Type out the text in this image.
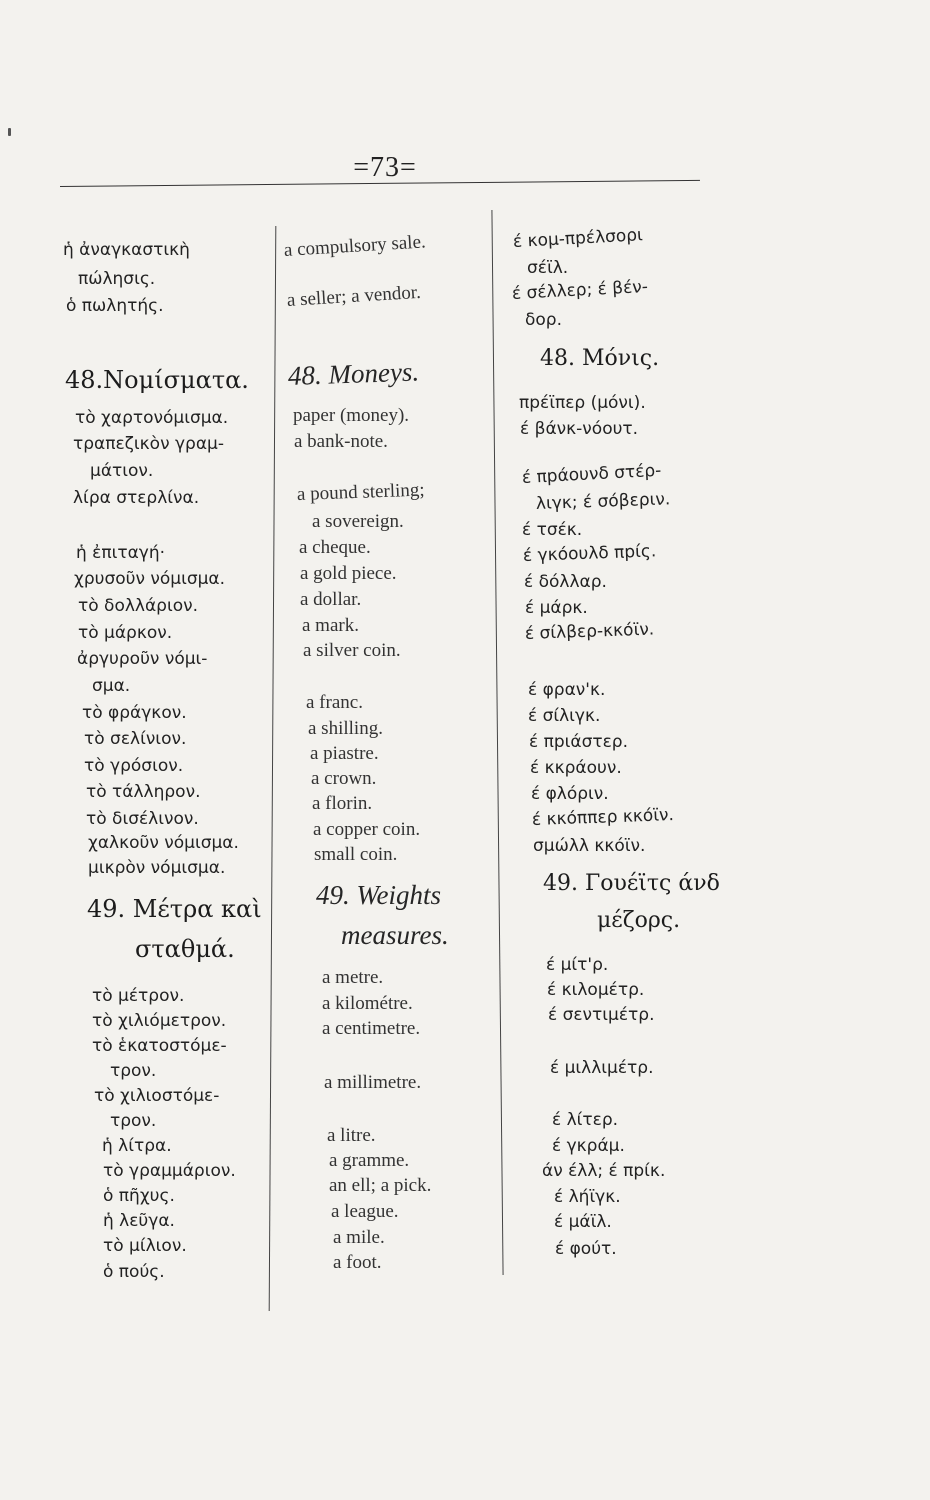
=73=
ἡ ἀναγκαστικὴ
πώλησις.
ὁ πωλητής.
48.Νομίσματα.
τὸ χαρτονόμισμα.
τραπεζικὸν γραμ-
μάτιον.
λίρα στερλίνα.
ἡ ἐπιταγή·
χρυσοῦν νόμισμα.
τὸ δολλάριον.
τὸ μάρκον.
ἀργυροῦν νόμι-
σμα.
τὸ φράγκον.
τὸ σελίνιον.
τὸ γρόσιον.
τὸ τάλληρον.
τὸ δισέλινον.
χαλκοῦν νόμισμα.
μικρὸν νόμισμα.
49. Μέτρα καὶ
σταθμά.
τὸ μέτρον.
τὸ χιλιόμετρον.
τὸ ἑκατοστόμε-
τρον.
τὸ χιλιοστόμε-
τρον.
ἡ λίτρα.
τὸ γραμμάριον.
ὁ πῆχυς.
ἡ λεῦγα.
τὸ μίλιον.
ὁ πούς.
a compulsory sale.
a seller; a vendor.
48. Moneys.
paper (money).
a bank-note.
a pound sterling;
a sovereign.
a cheque.
a gold piece.
a dollar.
a mark.
a silver coin.
a franc.
a shilling.
a piastre.
a crown.
a florin.
a copper coin.
small coin.
49. Weights
measures.
a metre.
a kilométre.
a centimetre.
a millimetre.
a litre.
a gramme.
an ell; a pick.
a league.
a mile.
a foot.
έ κομ-πpέλσορι
σέϊλ.
έ σέλλερ; έ βέν-
δορ.
48. Μόνις.
πpέϊπερ (μόνι).
έ βάνκ-νόουτ.
έ πpάουνδ στέρ-
λιγκ; έ σόβεριν.
έ τσέκ.
έ γκόουλδ πpίς.
έ δόλλαρ.
έ μάρκ.
έ σίλβερ-κκόϊν.
έ φραν'κ.
έ σίλιγκ.
έ πpιάστερ.
έ κκράουν.
έ φλόριν.
έ κκόππερ κκόϊν.
σμώλλ κκόϊν.
49. Γουέϊτς άνδ
μέζορς.
έ μίτ'ρ.
έ κιλομέτρ.
έ σεντιμέτρ.
έ μιλλιμέτρ.
έ λίτερ.
έ γκράμ.
άν έλλ; έ πpίκ.
έ λήϊγκ.
έ μάϊλ.
έ φούτ.
